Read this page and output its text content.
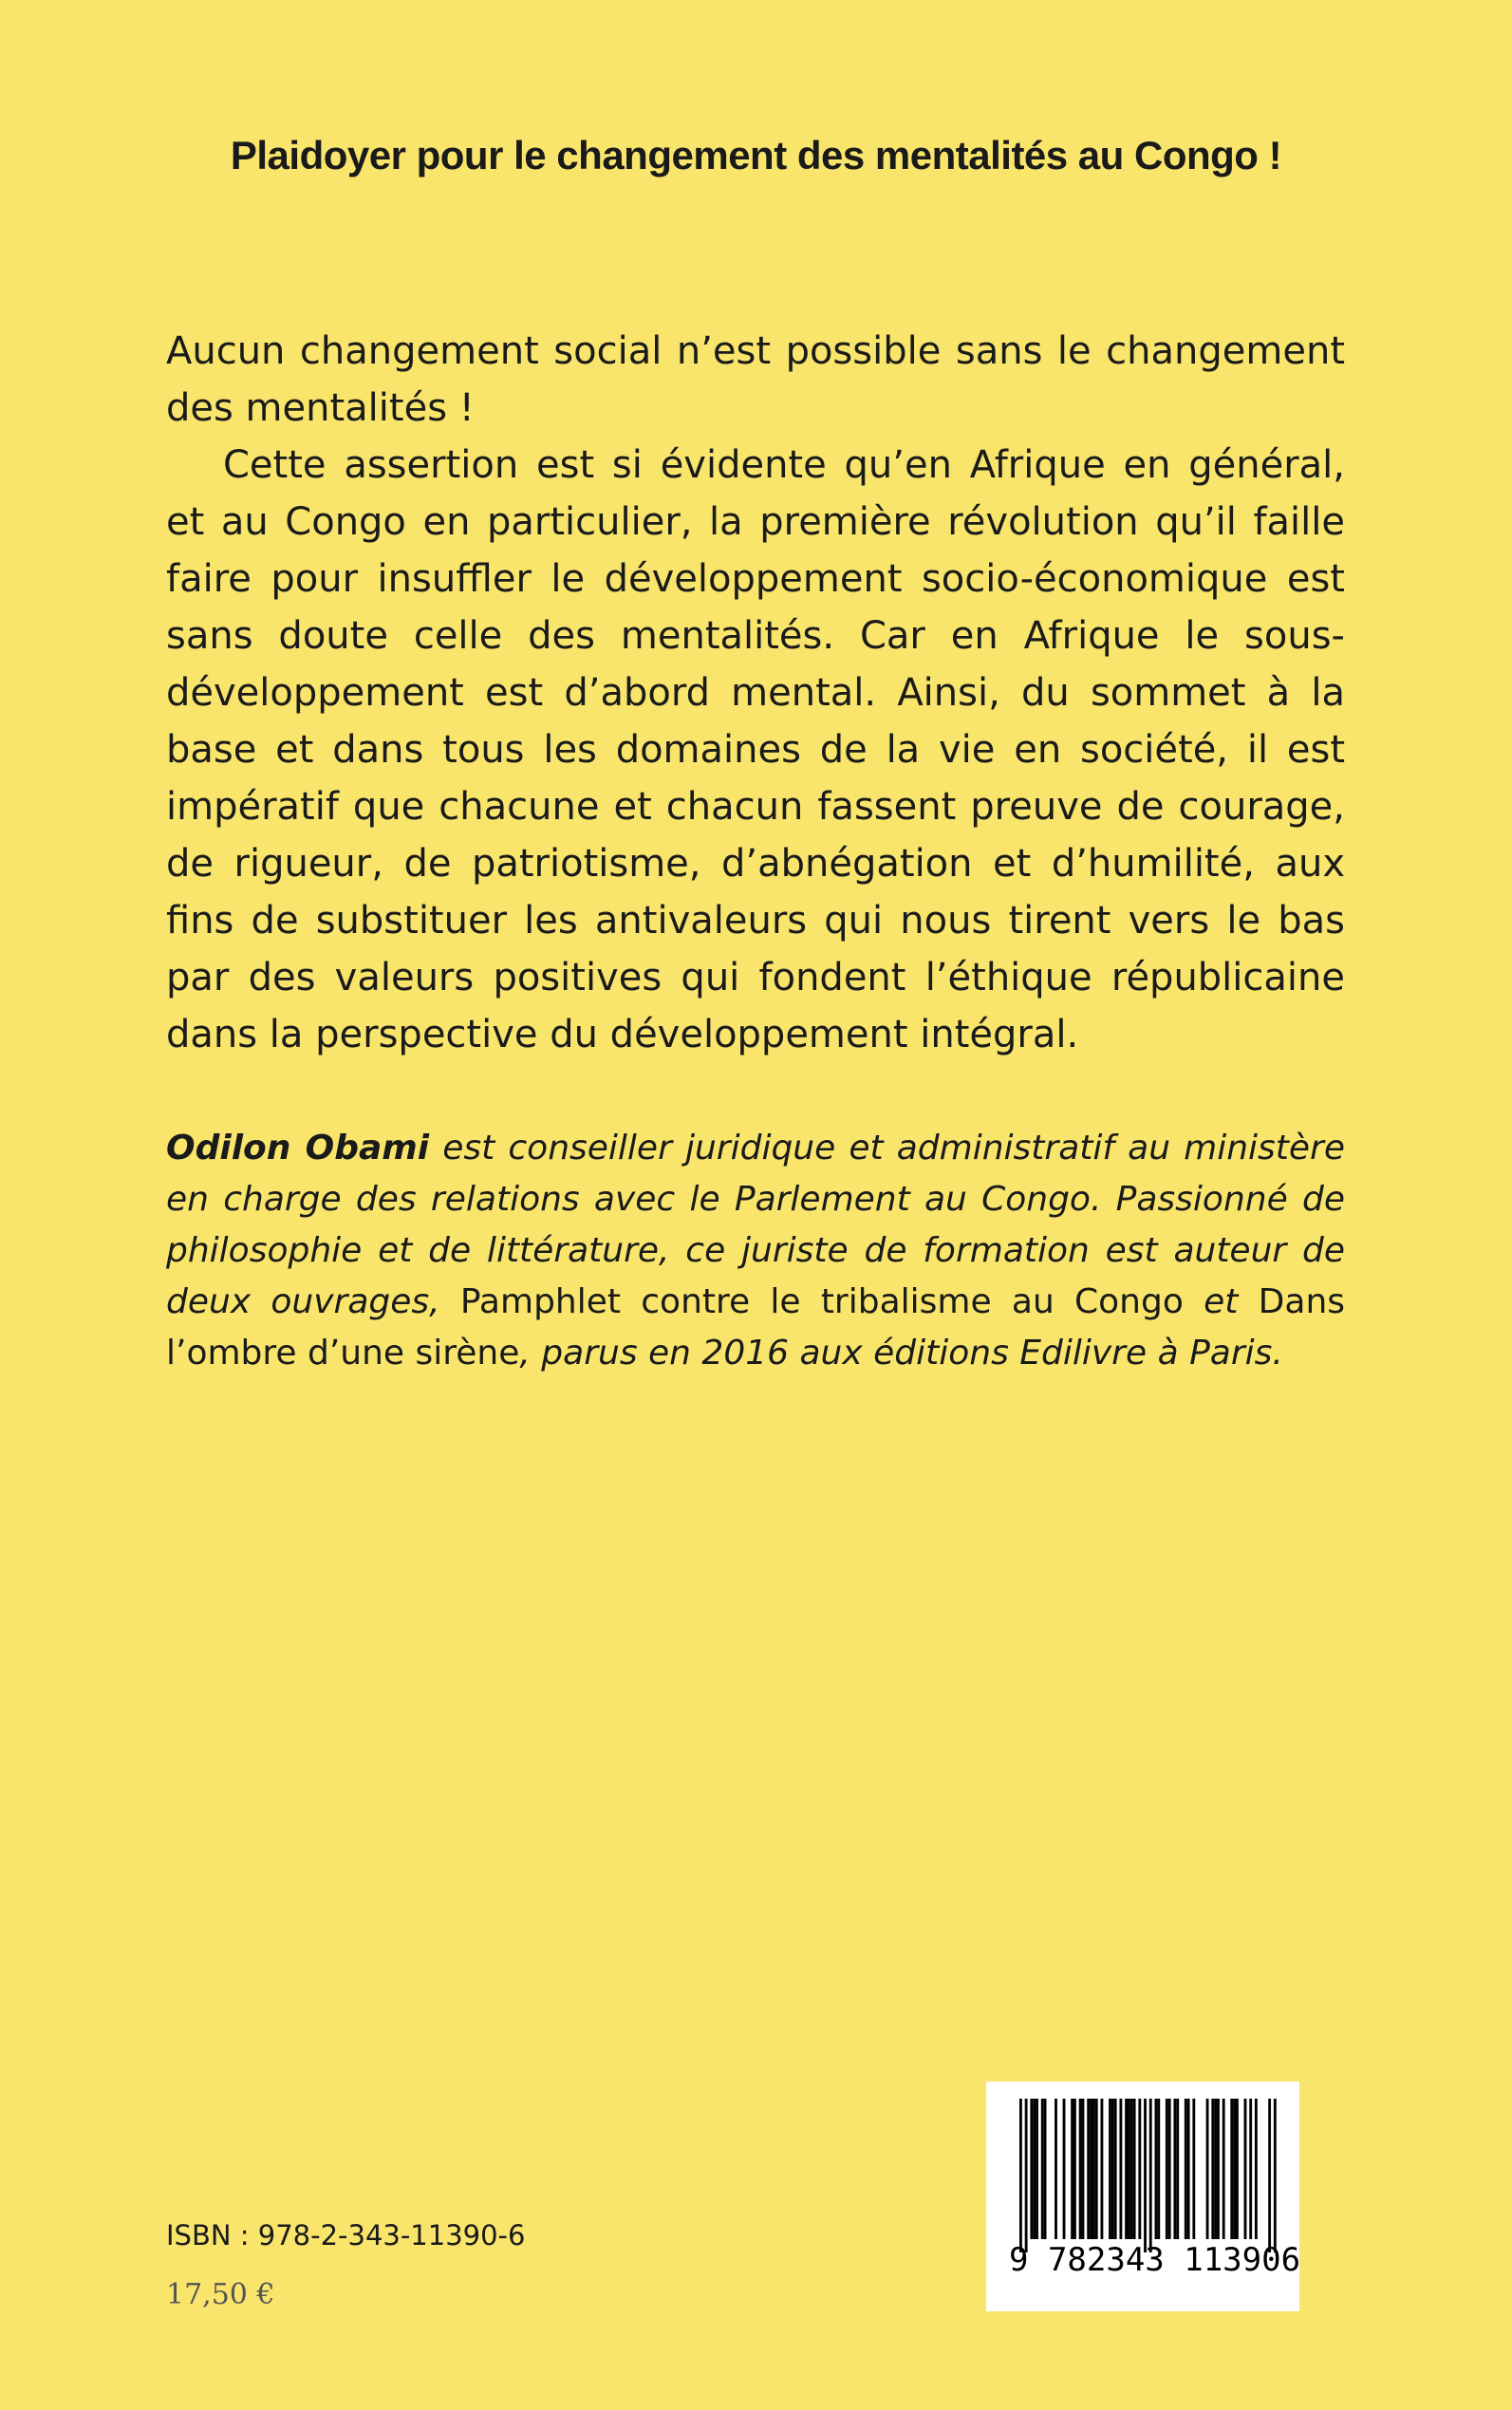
Plaidoyer pour le changement des mentalités au Congo !

Aucun changement social n’est possible sans le changement des mentalités !

Cette assertion est si évidente qu’en Afrique en général, et au Congo en particulier, la première révolution qu’il faille faire pour insuffler le développement socio-économique est sans doute celle des mentalités. Car en Afrique le sous-développement est d’abord mental. Ainsi, du sommet à la base et dans tous les domaines de la vie en société, il est impératif que chacune et chacun fassent preuve de courage, de rigueur, de patriotisme, d’abnégation et d’humilité, aux fins de substituer les antivaleurs qui nous tirent vers le bas par des valeurs positives qui fondent l’éthique républicaine dans la perspective du développement intégral.

Odilon Obami est conseiller juridique et administratif au ministère en charge des relations avec le Parlement au Congo. Passionné de philosophie et de littérature, ce juriste de formation est auteur de deux ouvrages, Pamphlet contre le tribalisme au Congo et Dans l’ombre d’une sirène, parus en 2016 aux éditions Edilivre à Paris.

ISBN : 978-2-343-11390-6
17,50 €
9 782343 113906
